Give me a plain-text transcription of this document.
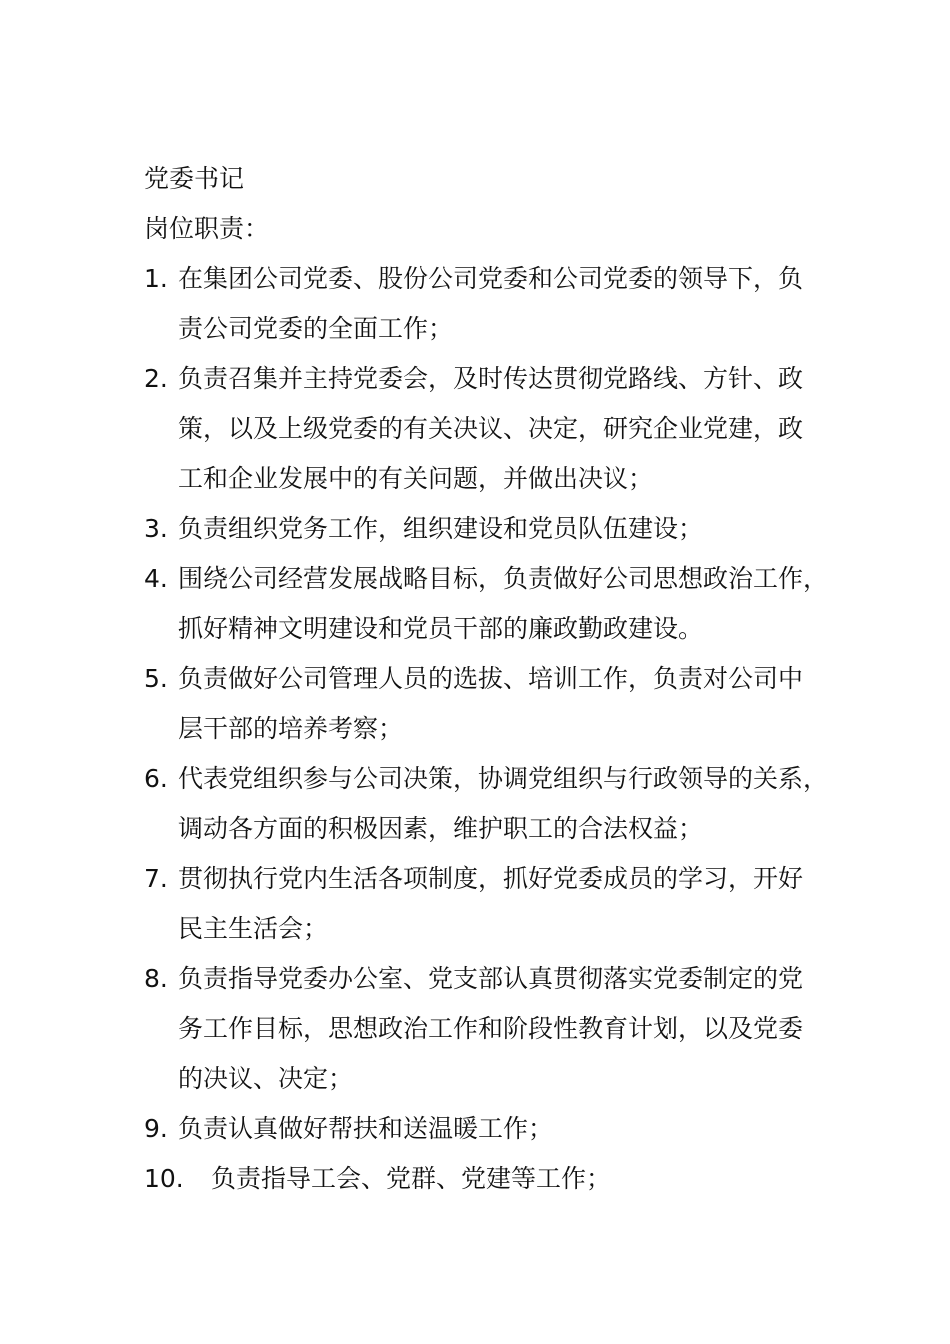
党委书记
岗位职责：
1. 在集团公司党委、股份公司党委和公司党委的领导下，负
责公司党委的全面工作；
2. 负责召集并主持党委会，及时传达贯彻党路线、方针、政
策，以及上级党委的有关决议、决定，研究企业党建，政
工和企业发展中的有关问题，并做出决议；
3. 负责组织党务工作，组织建设和党员队伍建设；
4. 围绕公司经营发展战略目标，负责做好公司思想政治工作，
抓好精神文明建设和党员干部的廉政勤政建设。
5. 负责做好公司管理人员的选拔、培训工作，负责对公司中
层干部的培养考察；
6. 代表党组织参与公司决策，协调党组织与行政领导的关系，
调动各方面的积极因素，维护职工的合法权益；
7. 贯彻执行党内生活各项制度，抓好党委成员的学习，开好
民主生活会；
8. 负责指导党委办公室、党支部认真贯彻落实党委制定的党
务工作目标，思想政治工作和阶段性教育计划，以及党委
的决议、决定；
9. 负责认真做好帮扶和送温暖工作；
10. 负责指导工会、党群、党建等工作；
